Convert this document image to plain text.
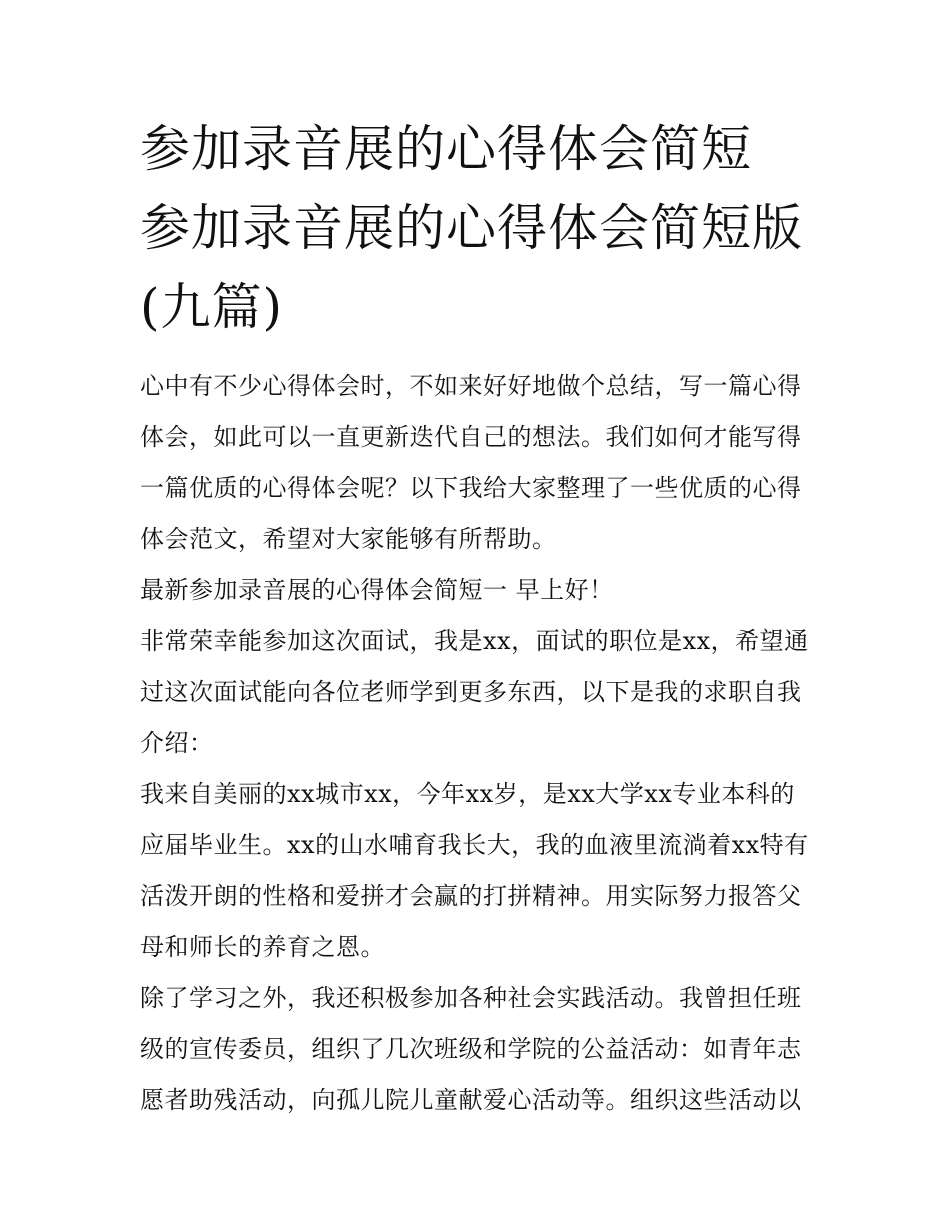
参加录音展的心得体会简短 参加录音展的心得体会简短版(九篇)

心中有不少心得体会时，不如来好好地做个总结，写一篇心得体会，如此可以一直更新迭代自己的想法。我们如何才能写得一篇优质的心得体会呢？以下我给大家整理了一些优质的心得体会范文，希望对大家能够有所帮助。

最新参加录音展的心得体会简短一 早上好！

非常荣幸能参加这次面试，我是xx，面试的职位是xx，希望通过这次面试能向各位老师学到更多东西，以下是我的求职自我介绍：

我来自美丽的xx城市xx，今年xx岁，是xx大学xx专业本科的应届毕业生。xx的山水哺育我长大，我的血液里流淌着xx特有活泼开朗的性格和爱拼才会赢的打拼精神。用实际努力报答父母和师长的养育之恩。

除了学习之外，我还积极参加各种社会实践活动。我曾担任班级的宣传委员，组织了几次班级和学院的公益活动：如青年志愿者助残活动，向孤儿院儿童献爱心活动等。组织这些活动以
